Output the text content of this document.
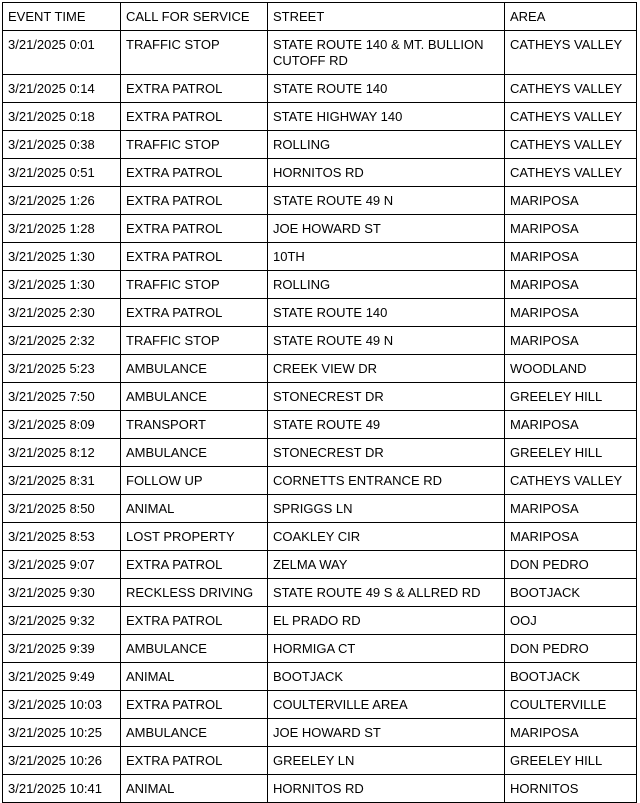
EVENT TIME	CALL FOR SERVICE	STREET	AREA
3/21/2025 0:01	TRAFFIC STOP	STATE ROUTE 140 & MT. BULLION CUTOFF RD	CATHEYS VALLEY
3/21/2025 0:14	EXTRA PATROL	STATE ROUTE 140	CATHEYS VALLEY
3/21/2025 0:18	EXTRA PATROL	STATE HIGHWAY 140	CATHEYS VALLEY
3/21/2025 0:38	TRAFFIC STOP	ROLLING	CATHEYS VALLEY
3/21/2025 0:51	EXTRA PATROL	HORNITOS RD	CATHEYS VALLEY
3/21/2025 1:26	EXTRA PATROL	STATE ROUTE 49 N	MARIPOSA
3/21/2025 1:28	EXTRA PATROL	JOE HOWARD ST	MARIPOSA
3/21/2025 1:30	EXTRA PATROL	10TH	MARIPOSA
3/21/2025 1:30	TRAFFIC STOP	ROLLING	MARIPOSA
3/21/2025 2:30	EXTRA PATROL	STATE ROUTE 140	MARIPOSA
3/21/2025 2:32	TRAFFIC STOP	STATE ROUTE 49 N	MARIPOSA
3/21/2025 5:23	AMBULANCE	CREEK VIEW DR	WOODLAND
3/21/2025 7:50	AMBULANCE	STONECREST DR	GREELEY HILL
3/21/2025 8:09	TRANSPORT	STATE ROUTE 49	MARIPOSA
3/21/2025 8:12	AMBULANCE	STONECREST DR	GREELEY HILL
3/21/2025 8:31	FOLLOW UP	CORNETTS ENTRANCE RD	CATHEYS VALLEY
3/21/2025 8:50	ANIMAL	SPRIGGS LN	MARIPOSA
3/21/2025 8:53	LOST PROPERTY	COAKLEY CIR	MARIPOSA
3/21/2025 9:07	EXTRA PATROL	ZELMA WAY	DON PEDRO
3/21/2025 9:30	RECKLESS DRIVING	STATE ROUTE 49 S & ALLRED RD	BOOTJACK
3/21/2025 9:32	EXTRA PATROL	EL PRADO RD	OOJ
3/21/2025 9:39	AMBULANCE	HORMIGA CT	DON PEDRO
3/21/2025 9:49	ANIMAL	BOOTJACK	BOOTJACK
3/21/2025 10:03	EXTRA PATROL	COULTERVILLE AREA	COULTERVILLE
3/21/2025 10:25	AMBULANCE	JOE HOWARD ST	MARIPOSA
3/21/2025 10:26	EXTRA PATROL	GREELEY LN	GREELEY HILL
3/21/2025 10:41	ANIMAL	HORNITOS RD	HORNITOS
